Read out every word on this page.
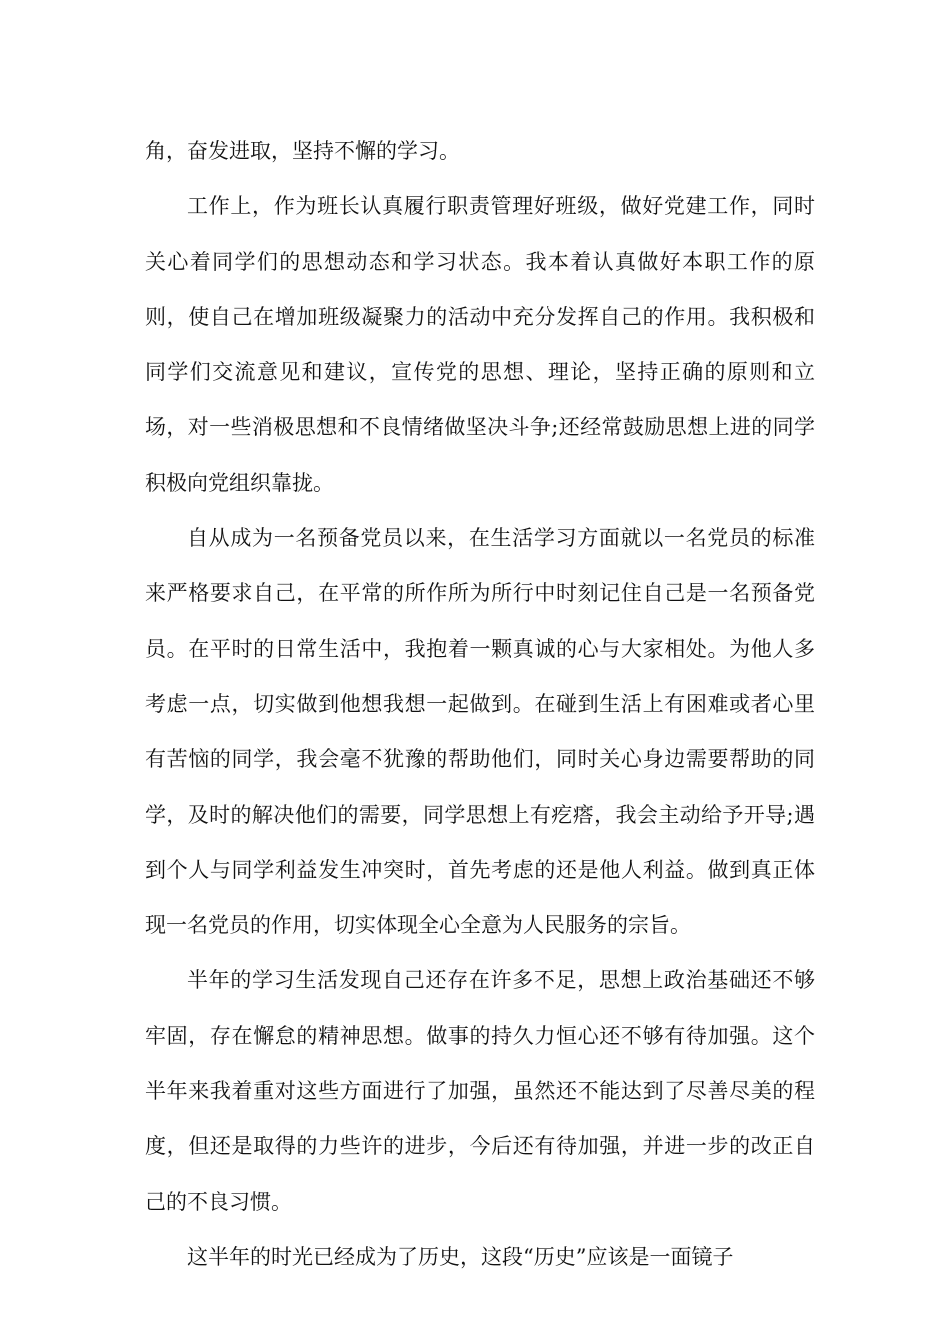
角，奋发进取，坚持不懈的学习。

工作上，作为班长认真履行职责管理好班级，做好党建工作，同时关心着同学们的思想动态和学习状态。我本着认真做好本职工作的原则，使自己在增加班级凝聚力的活动中充分发挥自己的作用。我积极和同学们交流意见和建议，宣传党的思想、理论，坚持正确的原则和立场，对一些消极思想和不良情绪做坚决斗争;还经常鼓励思想上进的同学积极向党组织靠拢。

自从成为一名预备党员以来，在生活学习方面就以一名党员的标准来严格要求自己，在平常的所作所为所行中时刻记住自己是一名预备党员。在平时的日常生活中，我抱着一颗真诚的心与大家相处。为他人多考虑一点，切实做到他想我想一起做到。在碰到生活上有困难或者心里有苦恼的同学，我会毫不犹豫的帮助他们，同时关心身边需要帮助的同学，及时的解决他们的需要，同学思想上有疙瘩，我会主动给予开导;遇到个人与同学利益发生冲突时，首先考虑的还是他人利益。做到真正体现一名党员的作用，切实体现全心全意为人民服务的宗旨。

半年的学习生活发现自己还存在许多不足，思想上政治基础还不够牢固，存在懈怠的精神思想。做事的持久力恒心还不够有待加强。这个半年来我着重对这些方面进行了加强，虽然还不能达到了尽善尽美的程度，但还是取得的力些许的进步，今后还有待加强，并进一步的改正自己的不良习惯。

这半年的时光已经成为了历史，这段“历史”应该是一面镜子
